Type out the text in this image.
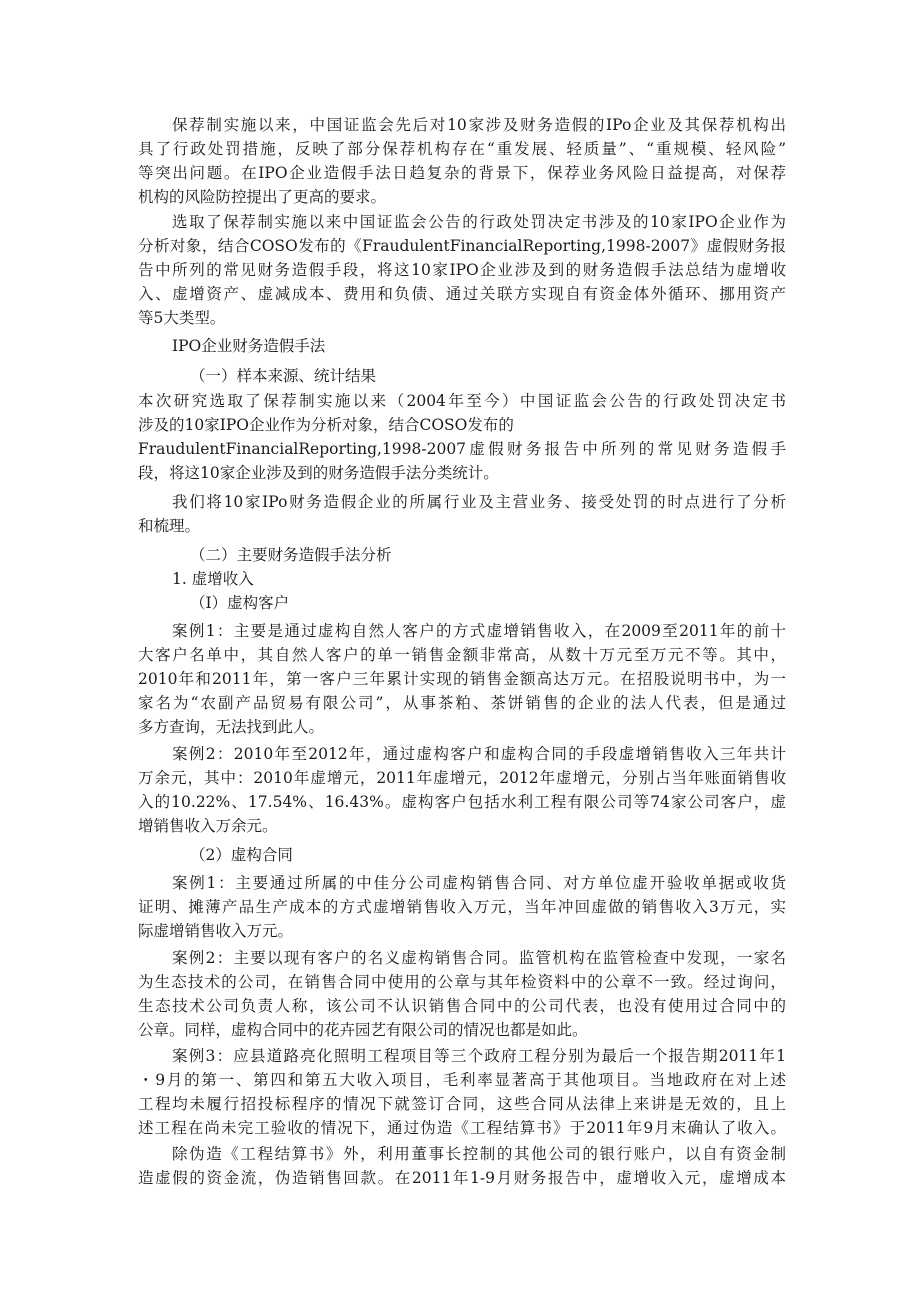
保荐制实施以来，中国证监会先后对10家涉及财务造假的IPo企业及其保荐机构出
具了行政处罚措施，反映了部分保荐机构存在“重发展、轻质量”、“重规模、轻风险”
等突出问题。在IPO企业造假手法日趋复杂的背景下，保荐业务风险日益提高，对保荐
机构的风险防控提出了更高的要求。
选取了保荐制实施以来中国证监会公告的行政处罚决定书涉及的10家IPO企业作为
分析对象，结合COSO发布的《FraudulentFinancialReporting,1998-2007》虚假财务报
告中所列的常见财务造假手段，将这10家IPO企业涉及到的财务造假手法总结为虚增收
入、虚增资产、虚减成本、费用和负债、通过关联方实现自有资金体外循环、挪用资产
等5大类型。
IPO企业财务造假手法
（一）样本来源、统计结果
本次研究选取了保荐制实施以来（2004年至今）中国证监会公告的行政处罚决定书
涉及的10家IPO企业作为分析对象，结合COSO发布的
FraudulentFinancialReporting,1998-2007虚假财务报告中所列的常见财务造假手
段，将这10家企业涉及到的财务造假手法分类统计。
我们将10家IPo财务造假企业的所属行业及主营业务、接受处罚的时点进行了分析
和梳理。
（二）主要财务造假手法分析
1. 虚增收入
（I）虚构客户
案例1：主要是通过虚构自然人客户的方式虚增销售收入，在2009至2011年的前十
大客户名单中，其自然人客户的单一销售金额非常高，从数十万元至万元不等。其中，
2010年和2011年，第一客户三年累计实现的销售金额高达万元。在招股说明书中，为一
家名为“农副产品贸易有限公司”，从事茶粕、茶饼销售的企业的法人代表，但是通过
多方查询，无法找到此人。
案例2：2010年至2012年，通过虚构客户和虚构合同的手段虚增销售收入三年共计
万余元，其中：2010年虚增元，2011年虚增元，2012年虚增元，分别占当年账面销售收
入的10.22%、17.54%、16.43%。虚构客户包括水利工程有限公司等74家公司客户，虚
增销售收入万余元。
（2）虚构合同
案例1：主要通过所属的中佳分公司虚构销售合同、对方单位虚开验收单据或收货
证明、摊薄产品生产成本的方式虚增销售收入万元，当年冲回虚做的销售收入3万元，实
际虚增销售收入万元。
案例2：主要以现有客户的名义虚构销售合同。监管机构在监管检查中发现，一家名
为生态技术的公司，在销售合同中使用的公章与其年检资料中的公章不一致。经过询问，
生态技术公司负责人称，该公司不认识销售合同中的公司代表，也没有使用过合同中的
公章。同样，虚构合同中的花卉园艺有限公司的情况也都是如此。
案例3：应县道路亮化照明工程项目等三个政府工程分别为最后一个报告期2011年1
・9月的第一、第四和第五大收入项目，毛利率显著高于其他项目。当地政府在对上述
工程均未履行招投标程序的情况下就签订合同，这些合同从法律上来讲是无效的，且上
述工程在尚未完工验收的情况下，通过伪造《工程结算书》于2011年9月末确认了收入。
除伪造《工程结算书》外，利用董事长控制的其他公司的银行账户，以自有资金制
造虚假的资金流，伪造销售回款。在2011年1-9月财务报告中，虚增收入元，虚增成本
